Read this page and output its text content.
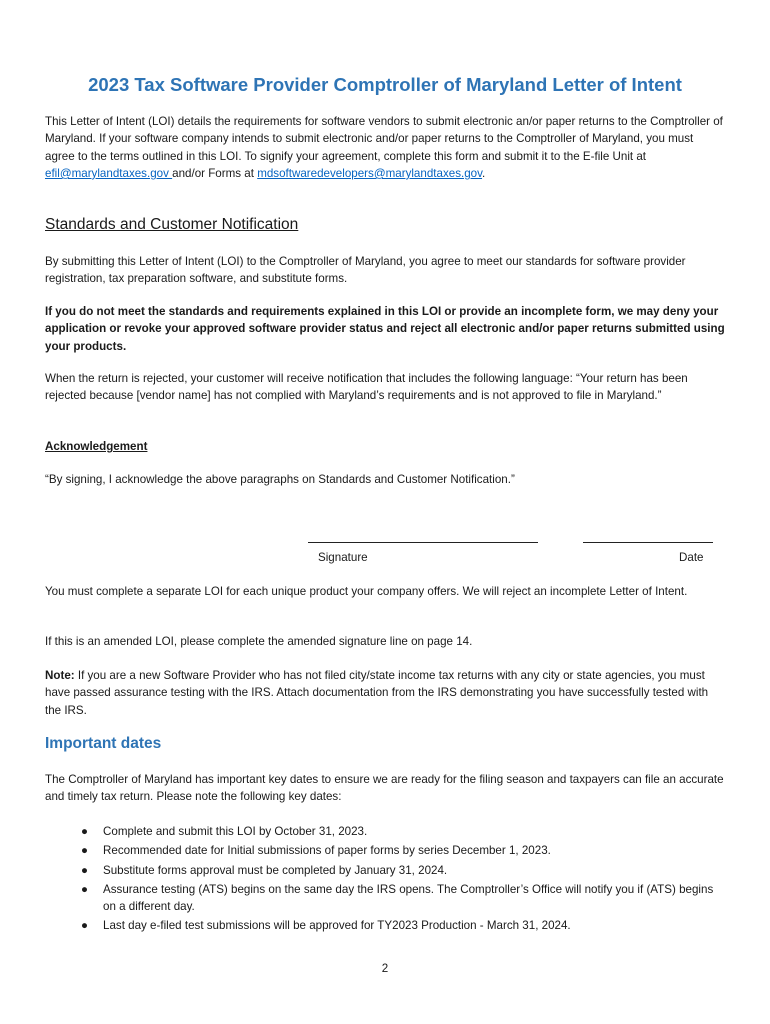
2023 Tax Software Provider Comptroller of Maryland Letter of Intent

This Letter of Intent (LOI) details the requirements for software vendors to submit electronic an/or paper returns to the Comptroller of Maryland. If your software company intends to submit electronic and/or paper returns to the Comptroller of Maryland, you must agree to the terms outlined in this LOI. To signify your agreement, complete this form and submit it to the E-file Unit at efil@marylandtaxes.gov and/or Forms at mdsoftwaredevelopers@marylandtaxes.gov.

Standards and Customer Notification
By submitting this Letter of Intent (LOI) to the Comptroller of Maryland, you agree to meet our standards for software provider registration, tax preparation software, and substitute forms.
If you do not meet the standards and requirements explained in this LOI or provide an incomplete form, we may deny your application or revoke your approved software provider status and reject all electronic and/or paper returns submitted using your products.
When the return is rejected, your customer will receive notification that includes the following language: “Your return has been rejected because [vendor name] has not complied with Maryland’s requirements and is not approved to file in Maryland.”
Acknowledgement
“By signing, I acknowledge the above paragraphs on Standards and Customer Notification.”
Signature	Date
You must complete a separate LOI for each unique product your company offers. We will reject an incomplete Letter of Intent.
If this is an amended LOI, please complete the amended signature line on page 14.

Note: If you are a new Software Provider who has not filed city/state income tax returns with any city or state agencies, you must have passed assurance testing with the IRS. Attach documentation from the IRS demonstrating you have successfully tested with the IRS.

Important dates
The Comptroller of Maryland has important key dates to ensure we are ready for the filing season and taxpayers can file an accurate and timely tax return. Please note the following key dates:
● Complete and submit this LOI by October 31, 2023.
● Recommended date for Initial submissions of paper forms by series December 1, 2023.
● Substitute forms approval must be completed by January 31, 2024.
● Assurance testing (ATS) begins on the same day the IRS opens. The Comptroller’s Office will notify you if (ATS) begins on a different day.
● Last day e-filed test submissions will be approved for TY2023 Production - March 31, 2024.
2
